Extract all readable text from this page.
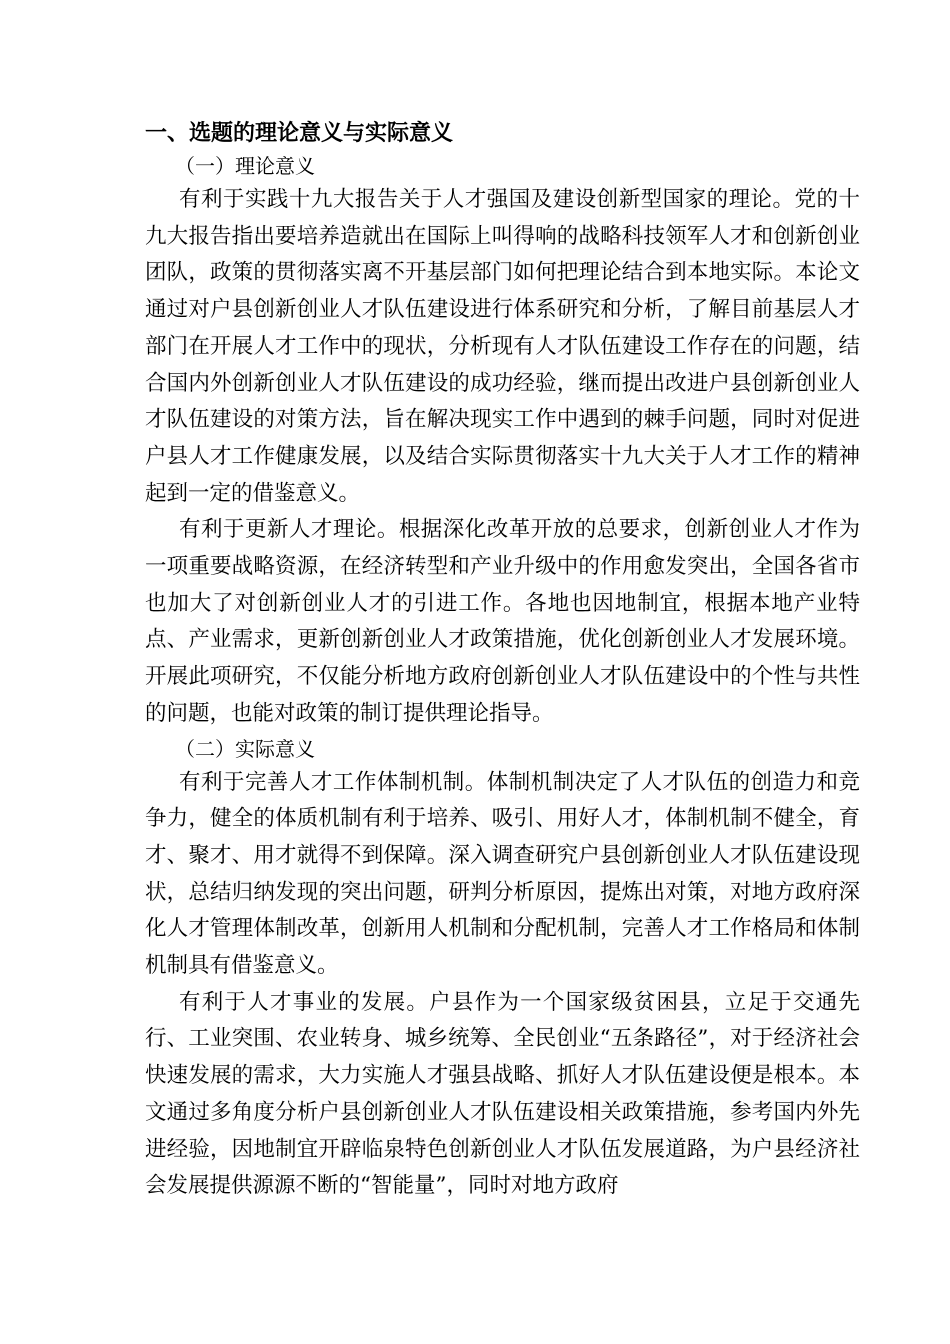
一、选题的理论意义与实际意义
（一）理论意义

有利于实践十九大报告关于人才强国及建设创新型国家的理论。党的十九大报告指出要培养造就出在国际上叫得响的战略科技领军人才和创新创业团队，政策的贯彻落实离不开基层部门如何把理论结合到本地实际。本论文通过对户县创新创业人才队伍建设进行体系研究和分析，了解目前基层人才部门在开展人才工作中的现状，分析现有人才队伍建设工作存在的问题，结合国内外创新创业人才队伍建设的成功经验，继而提出改进户县创新创业人才队伍建设的对策方法，旨在解决现实工作中遇到的棘手问题，同时对促进户县人才工作健康发展，以及结合实际贯彻落实十九大关于人才工作的精神起到一定的借鉴意义。

有利于更新人才理论。根据深化改革开放的总要求，创新创业人才作为一项重要战略资源，在经济转型和产业升级中的作用愈发突出，全国各省市也加大了对创新创业人才的引进工作。各地也因地制宜，根据本地产业特点、产业需求，更新创新创业人才政策措施，优化创新创业人才发展环境。开展此项研究，不仅能分析地方政府创新创业人才队伍建设中的个性与共性的问题，也能对政策的制订提供理论指导。

（二）实际意义

有利于完善人才工作体制机制。体制机制决定了人才队伍的创造力和竞争力，健全的体质机制有利于培养、吸引、用好人才，体制机制不健全，育才、聚才、用才就得不到保障。深入调查研究户县创新创业人才队伍建设现状，总结归纳发现的突出问题，研判分析原因，提炼出对策，对地方政府深化人才管理体制改革，创新用人机制和分配机制，完善人才工作格局和体制机制具有借鉴意义。

有利于人才事业的发展。户县作为一个国家级贫困县，立足于交通先行、工业突围、农业转身、城乡统筹、全民创业“五条路径”，对于经济社会快速发展的需求，大力实施人才强县战略、抓好人才队伍建设便是根本。本文通过多角度分析户县创新创业人才队伍建设相关政策措施，参考国内外先进经验，因地制宜开辟临泉特色创新创业人才队伍发展道路，为户县经济社会发展提供源源不断的“智能量”，同时对地方政府
